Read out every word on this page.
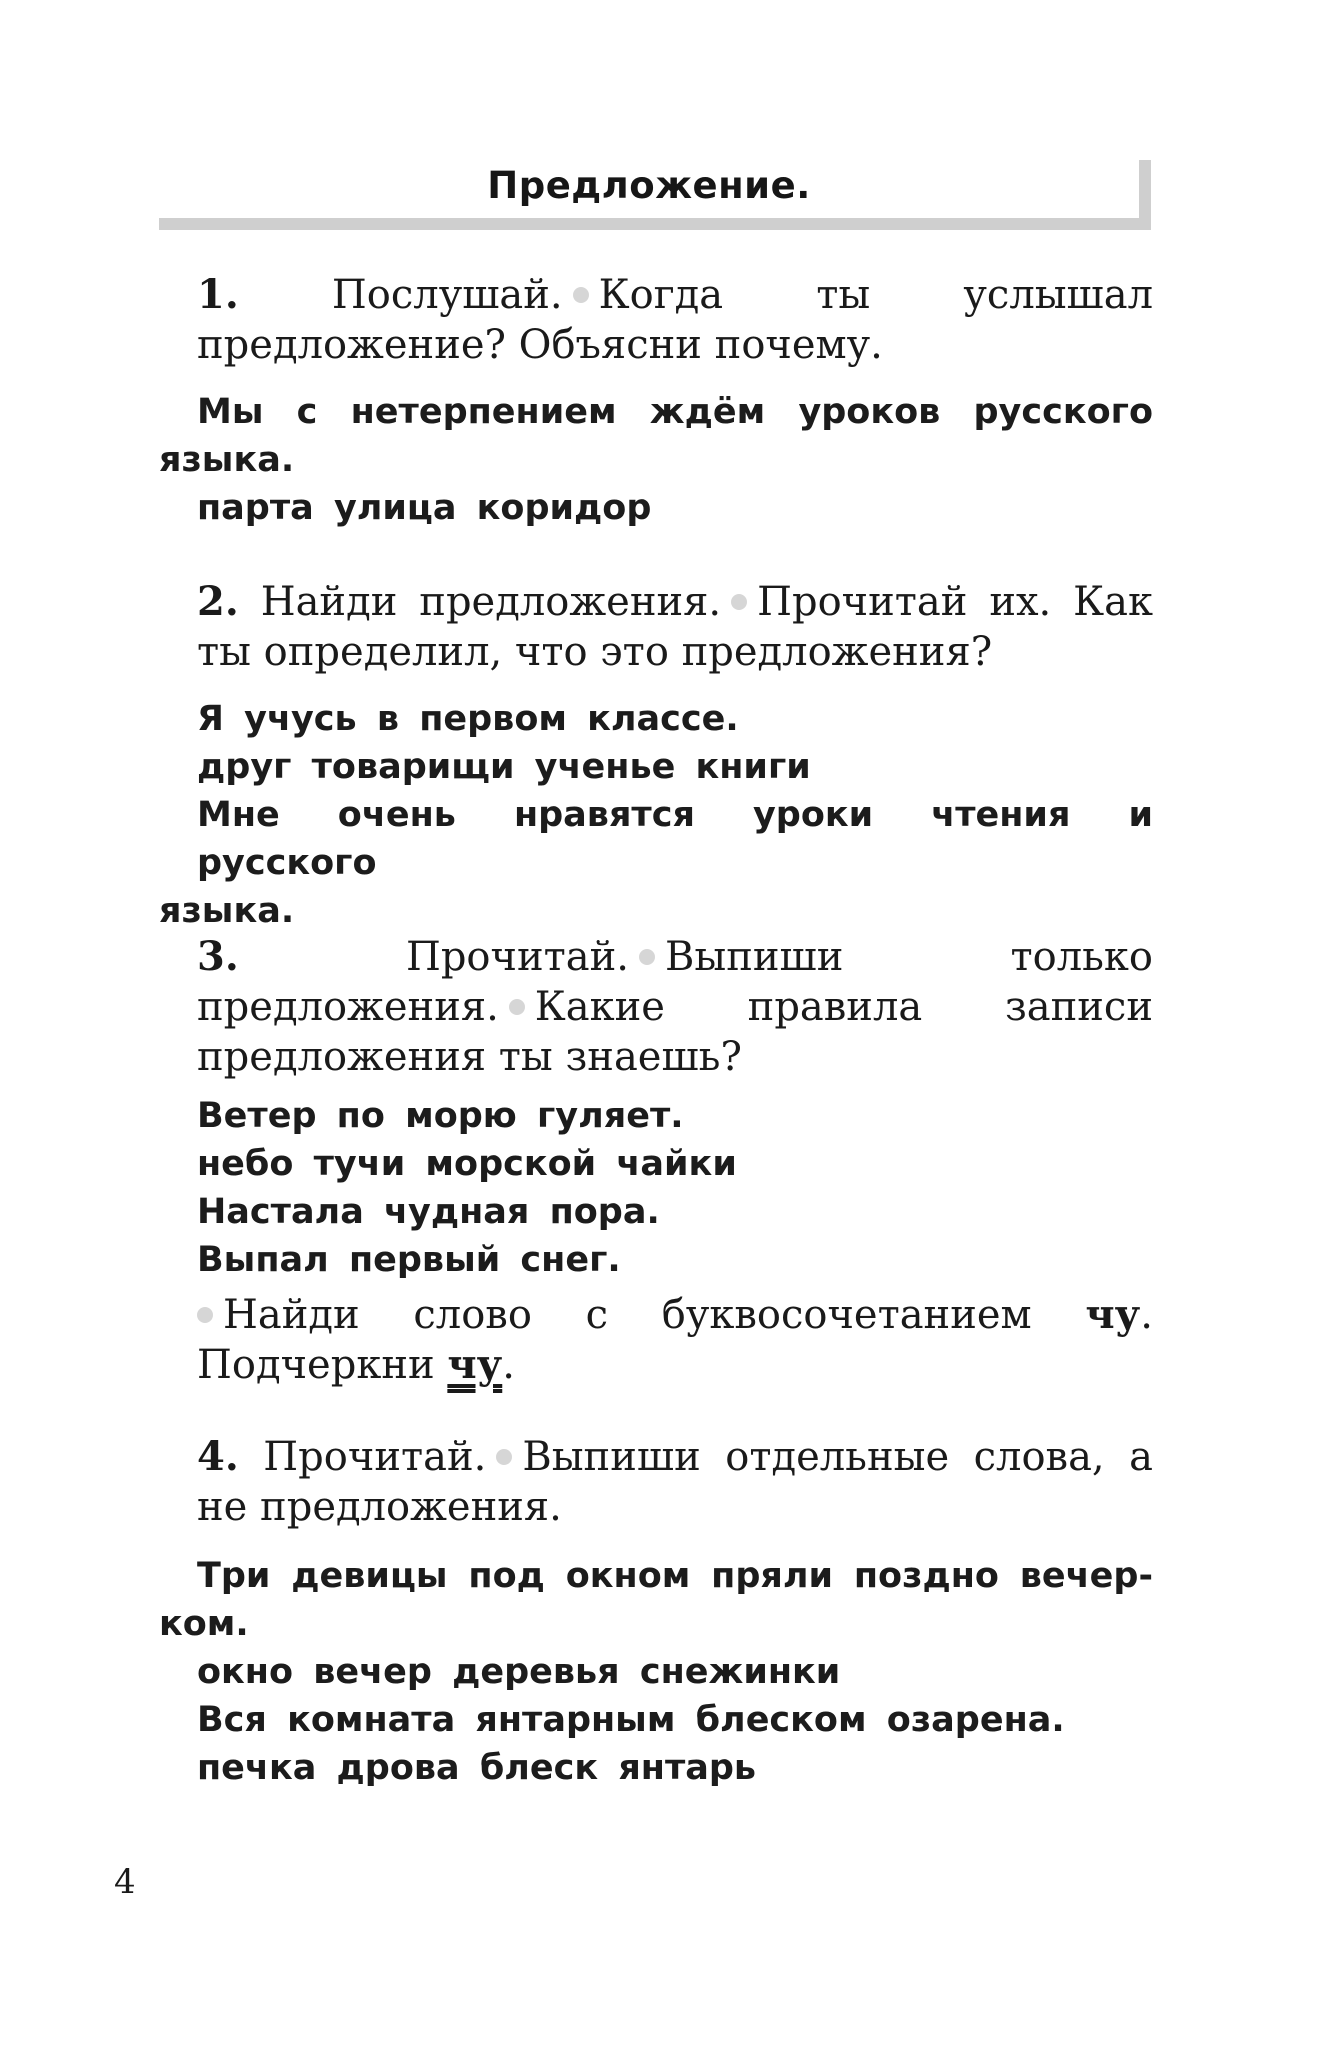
Предложение.

1. Послушай. Когда ты услышал предложение? Объясни почему.

Мы с нетерпением ждём уроков русского

языка.

парта улица коридор

2. Найди предложения. Прочитай их. Как ты определил, что это предложения?

Я учусь в первом классе.

друг товарищи ученье книги

Мне очень нравятся уроки чтения и русского

языка.

3.	Прочитай. Выпиши только предложения. Какие правила записи предложения ты знаешь?

Ветер по морю гуляет.

небо тучи морской чайки

Настала чудная пора.

Выпал первый снег.

Найди слово с буквосочетанием чу. Подчеркни чу.

4. Прочитай. Выпиши отдельные слова, а не предложения.

Три девицы под окном пряли поздно вечер-

ком.

окно вечер деревья снежинки

Вся комната янтарным блеском озарена.

печка дрова блеск янтарь

4
